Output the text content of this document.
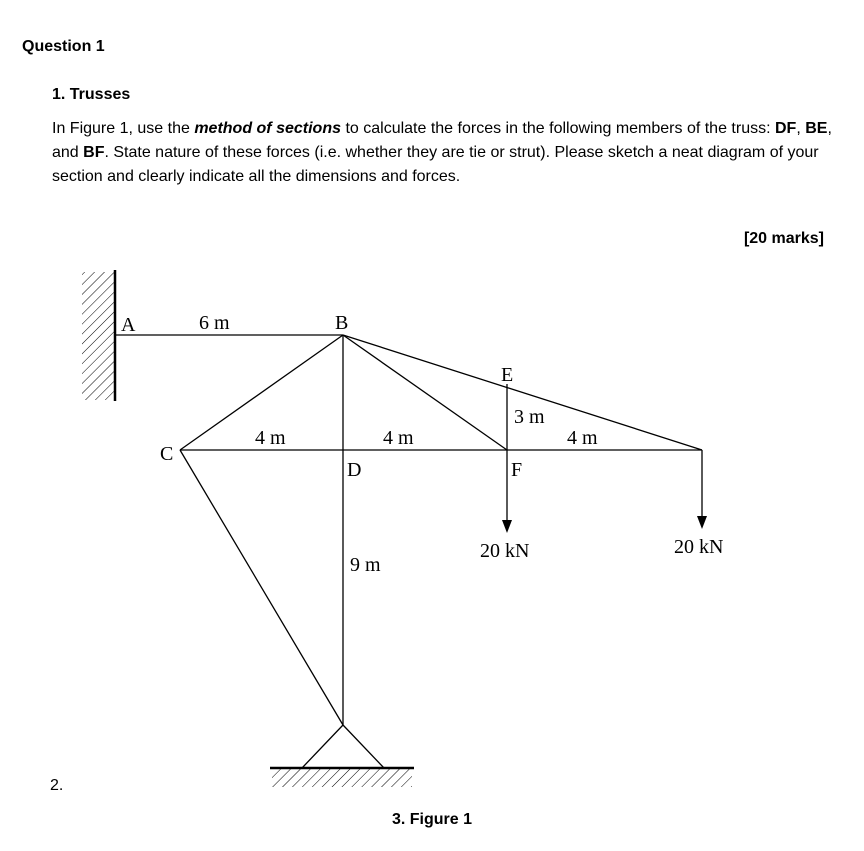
Question 1
1. Trusses

In Figure 1, use the method of sections to calculate the forces in the following members of the truss: DF, BE, and BF. State nature of these forces (i.e. whether they are tie or strut). Please sketch a neat diagram of your section and clearly indicate all the dimensions and forces.

[20 marks]
A	B
C
D
E
F
6 m
4 m	4 m
3 m
4 m
9 m
20 kN	20 kN
2.
3. Figure 1
